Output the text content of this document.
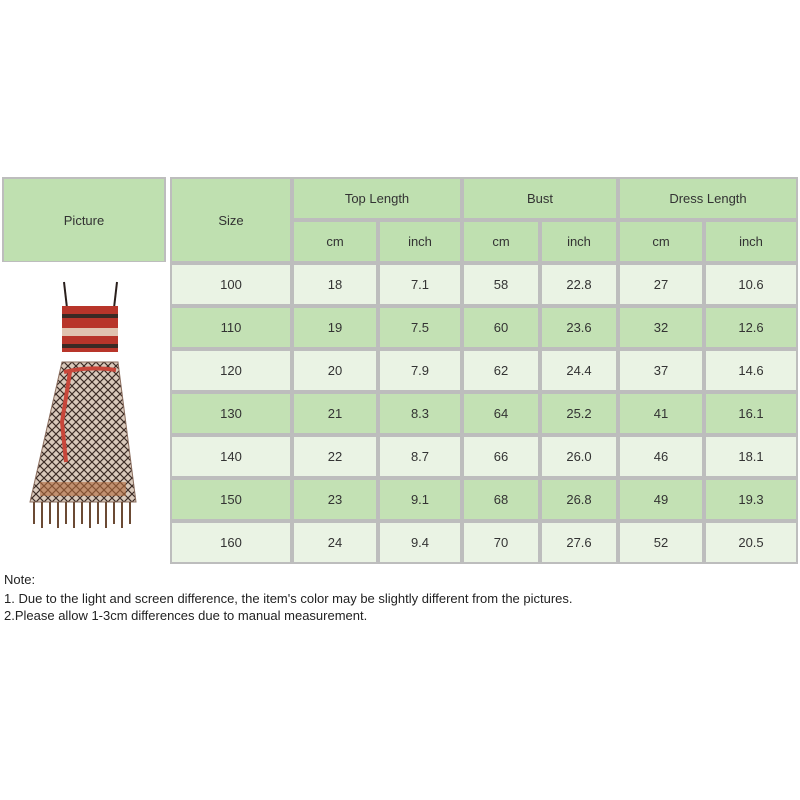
Picture	Size
Top Length	Bust	Dress Length
cm	inch	cm	inch	cm	inch
100	18	7.1	58	22.8	27	10.6
110	19	7.5	60	23.6	32	12.6
120	20	7.9	62	24.4	37	14.6
130	21	8.3	64	25.2	41	16.1
140	22	8.7	66	26.0	46	18.1
150	23	9.1	68	26.8	49	19.3
160	24	9.4	70	27.6	52	20.5
Note:
1. Due to the light and screen difference, the item's color may be slightly different from the pictures.
2.Please allow 1-3cm differences due to manual measurement.
